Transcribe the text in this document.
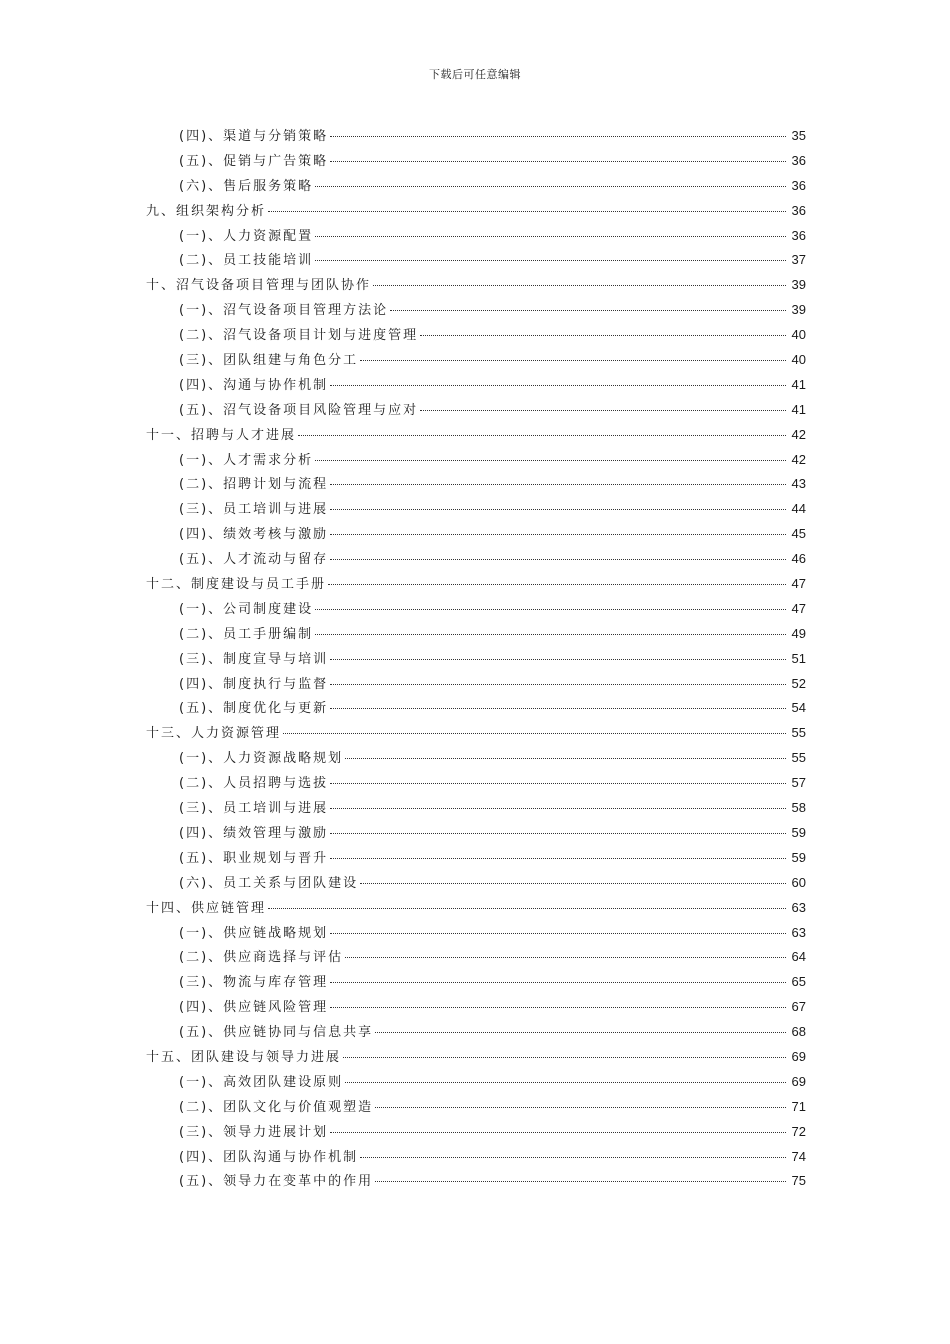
下载后可任意编辑
(四)、渠道与分销策略	35
(五)、促销与广告策略	36
(六)、售后服务策略	36
九、组织架构分析	36
(一)、人力资源配置	36
(二)、员工技能培训	37
十、沼气设备项目管理与团队协作	39
(一)、沼气设备项目管理方法论	39
(二)、沼气设备项目计划与进度管理	40
(三)、团队组建与角色分工	40
(四)、沟通与协作机制	41
(五)、沼气设备项目风险管理与应对	41
十一、招聘与人才进展	42
(一)、人才需求分析	42
(二)、招聘计划与流程	43
(三)、员工培训与进展	44
(四)、绩效考核与激励	45
(五)、人才流动与留存	46
十二、制度建设与员工手册	47
(一)、公司制度建设	47
(二)、员工手册编制	49
(三)、制度宣导与培训	51
(四)、制度执行与监督	52
(五)、制度优化与更新	54
十三、人力资源管理	55
(一)、人力资源战略规划	55
(二)、人员招聘与选拔	57
(三)、员工培训与进展	58
(四)、绩效管理与激励	59
(五)、职业规划与晋升	59
(六)、员工关系与团队建设	60
十四、供应链管理	63
(一)、供应链战略规划	63
(二)、供应商选择与评估	64
(三)、物流与库存管理	65
(四)、供应链风险管理	67
(五)、供应链协同与信息共享	68
十五、团队建设与领导力进展	69
(一)、高效团队建设原则	69
(二)、团队文化与价值观塑造	71
(三)、领导力进展计划	72
(四)、团队沟通与协作机制	74
(五)、领导力在变革中的作用	75
